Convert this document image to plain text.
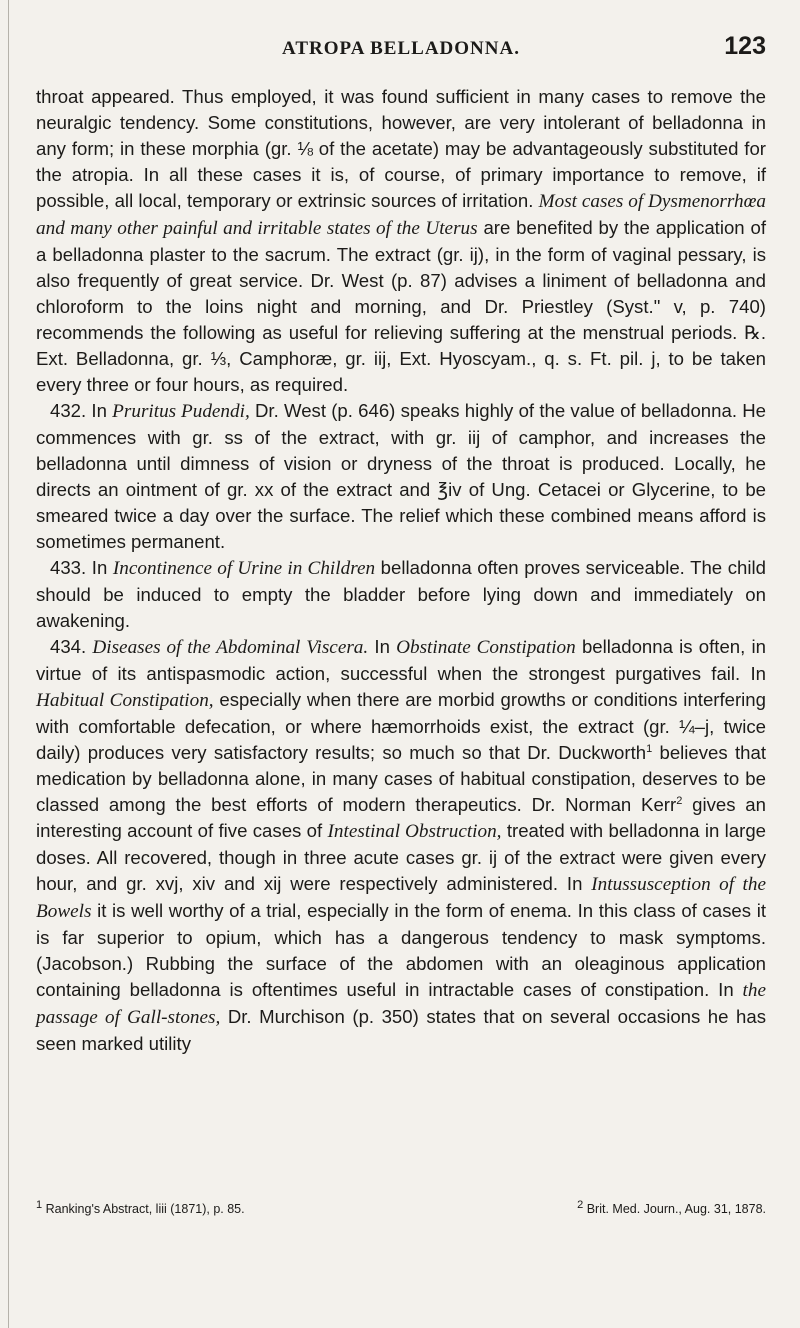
ATROPA BELLADONNA.	123

throat appeared. Thus employed, it was found sufficient in many cases to remove the neuralgic tendency. Some constitutions, however, are very intolerant of belladonna in any form; in these morphia (gr. ⅛ of the acetate) may be advantageously substituted for the atropia. In all these cases it is, of course, of primary importance to remove, if possible, all local, temporary or extrinsic sources of irritation. Most cases of Dysmenorrhœa and many other painful and irritable states of the Uterus are benefited by the application of a belladonna plaster to the sacrum. The extract (gr. ij), in the form of vaginal pessary, is also frequently of great service. Dr. West (p. 87) advises a liniment of belladonna and chloroform to the loins night and morning, and Dr. Priestley (Syst." v, p. 740) recommends the following as useful for relieving suffering at the menstrual periods. ℞. Ext. Belladonna, gr. ⅓, Camphoræ, gr. iij, Ext. Hyoscyam., q. s. Ft. pil. j, to be taken every three or four hours, as required.

432. In Pruritus Pudendi, Dr. West (p. 646) speaks highly of the value of belladonna. He commences with gr. ss of the extract, with gr. iij of camphor, and increases the belladonna until dimness of vision or dryness of the throat is produced. Locally, he directs an ointment of gr. xx of the extract and ℥iv of Ung. Cetacei or Glycerine, to be smeared twice a day over the surface. The relief which these combined means afford is sometimes permanent.

433. In Incontinence of Urine in Children belladonna often proves serviceable. The child should be induced to empty the bladder before lying down and immediately on awakening.

434. Diseases of the Abdominal Viscera. In Obstinate Constipation belladonna is often, in virtue of its antispasmodic action, successful when the strongest purgatives fail. In Habitual Constipation, especially when there are morbid growths or conditions interfering with comfortable defecation, or where hæmorrhoids exist, the extract (gr. ¼–j, twice daily) produces very satisfactory results; so much so that Dr. Duckworth$^1$ believes that medication by belladonna alone, in many cases of habitual constipation, deserves to be classed among the best efforts of modern therapeutics. Dr. Norman Kerr$^2$ gives an interesting account of five cases of Intestinal Obstruction, treated with belladonna in large doses. All recovered, though in three acute cases gr. ij of the extract were given every hour, and gr. xvj, xiv and xij were respectively administered. In Intussusception of the Bowels it is well worthy of a trial, especially in the form of enema. In this class of cases it is far superior to opium, which has a dangerous tendency to mask symptoms. (Jacobson.) Rubbing the surface of the abdomen with an oleaginous application containing belladonna is oftentimes useful in intractable cases of constipation. In the passage of Gall-stones, Dr. Murchison (p. 350) states that on several occasions he has seen marked utility

$^1$ Ranking's Abstract, liii (1871), p. 85.	$^2$ Brit. Med. Journ., Aug. 31, 1878.
